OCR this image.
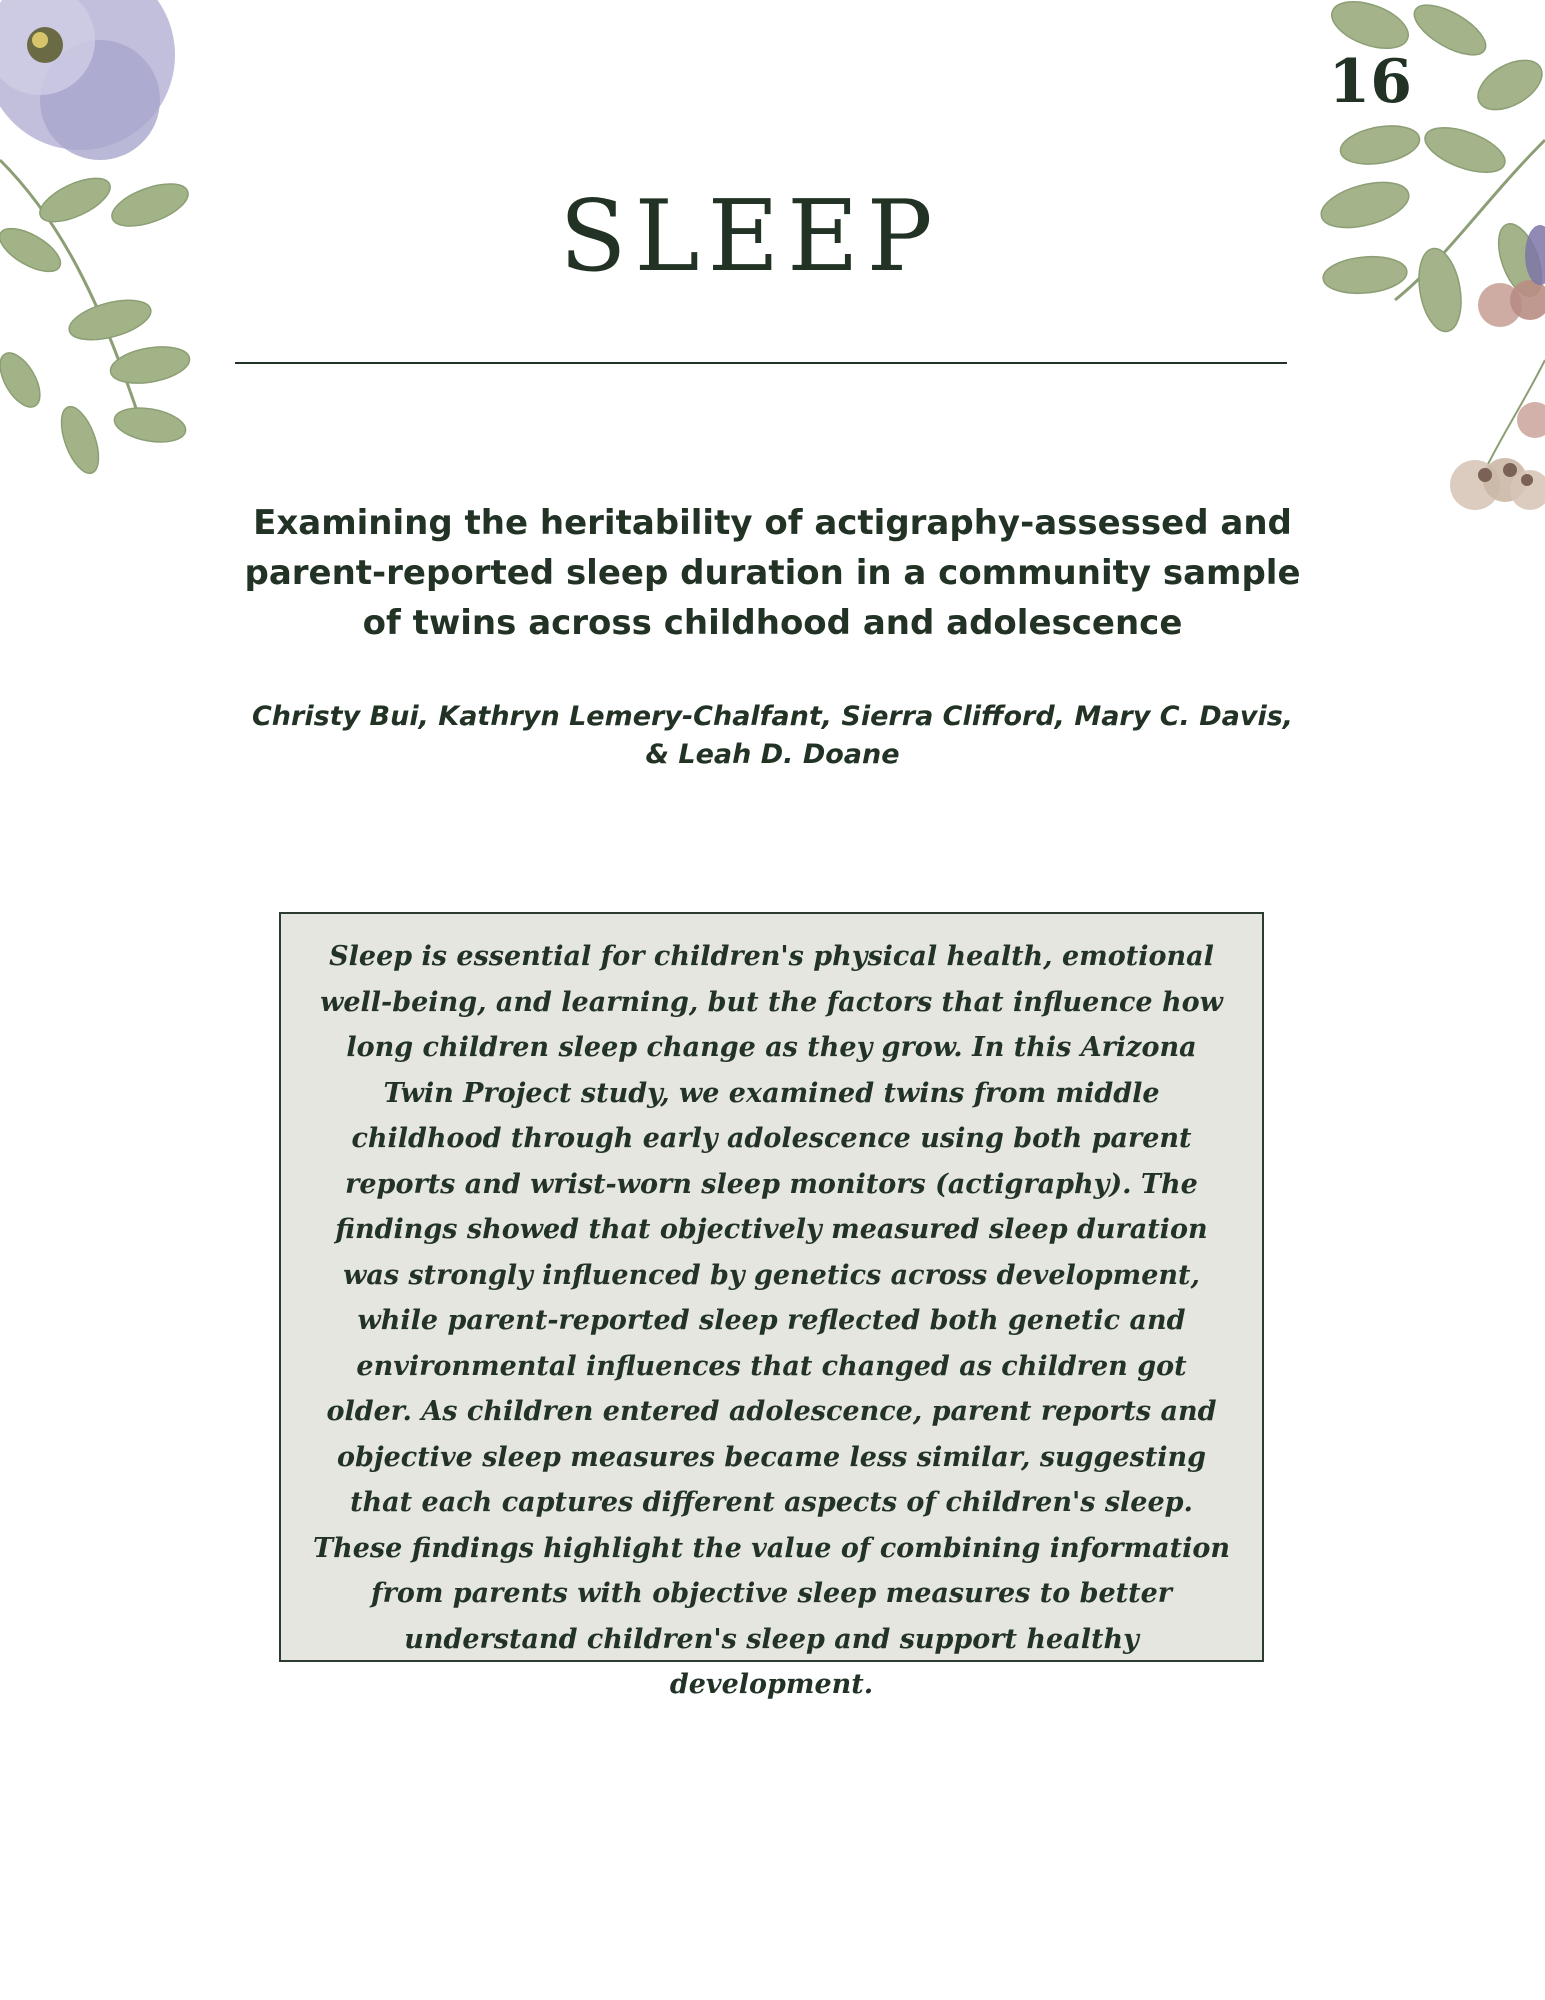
16
SLEEP
Examining the heritability of actigraphy-assessed and parent-reported sleep duration in a community sample of twins across childhood and adolescence
Christy Bui, Kathryn Lemery-Chalfant, Sierra Clifford, Mary C. Davis, & Leah D. Doane

Sleep is essential for children's physical health, emotional well-being, and learning, but the factors that influence how long children sleep change as they grow. In this Arizona Twin Project study, we examined twins from middle childhood through early adolescence using both parent reports and wrist-worn sleep monitors (actigraphy). The findings showed that objectively measured sleep duration was strongly influenced by genetics across development, while parent-reported sleep reflected both genetic and environmental influences that changed as children got older. As children entered adolescence, parent reports and objective sleep measures became less similar, suggesting that each captures different aspects of children's sleep. These findings highlight the value of combining information from parents with objective sleep measures to better understand children's sleep and support healthy development.
